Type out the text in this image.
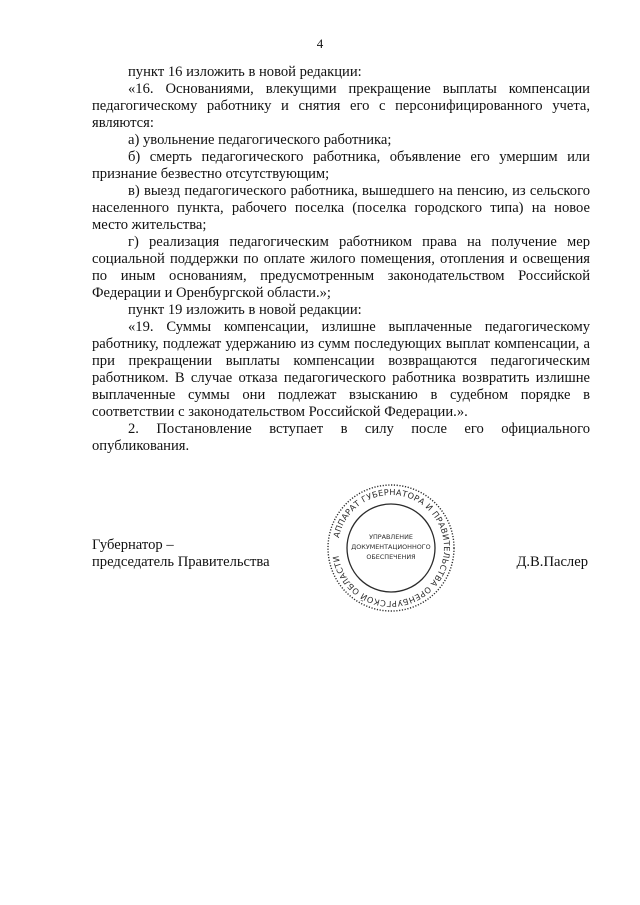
4

пункт 16 изложить в новой редакции:

«16. Основаниями, влекущими прекращение выплаты компенсации педагогическому работнику и снятия его с персонифицированного учета, являются:

а) увольнение педагогического работника;

б) смерть педагогического работника, объявление его умершим или признание безвестно отсутствующим;

в) выезд педагогического работника, вышедшего на пенсию, из сельского населенного пункта, рабочего поселка (поселка городского типа) на новое место жительства;

г) реализация педагогическим работником права на получение мер социальной поддержки по оплате жилого помещения, отопления и освещения по иным основаниям, предусмотренным законодательством Российской Федерации и Оренбургской области.»;

пункт 19 изложить в новой редакции:

«19. Суммы компенсации, излишне выплаченные педагогическому работнику, подлежат удержанию из сумм последующих выплат компенсации, а при прекращении выплаты компенсации возвращаются педагогическим работником. В случае отказа педагогического работника возвратить излишне выплаченные суммы они подлежат взысканию в судебном порядке в соответствии с законодательством Российской Федерации.».

2. Постановление вступает в силу после его официального опубликования.

Губернатор –
председатель Правительства
АППАРАТ ГУБЕРНАТОРА И ПРАВИТЕЛЬСТВА ОРЕНБУРГСКОЙ ОБЛАСТИ
УПРАВЛЕНИЕ
ДОКУМЕНТАЦИОННОГО
ОБЕСПЕЧЕНИЯ	Д.В.Паслер
